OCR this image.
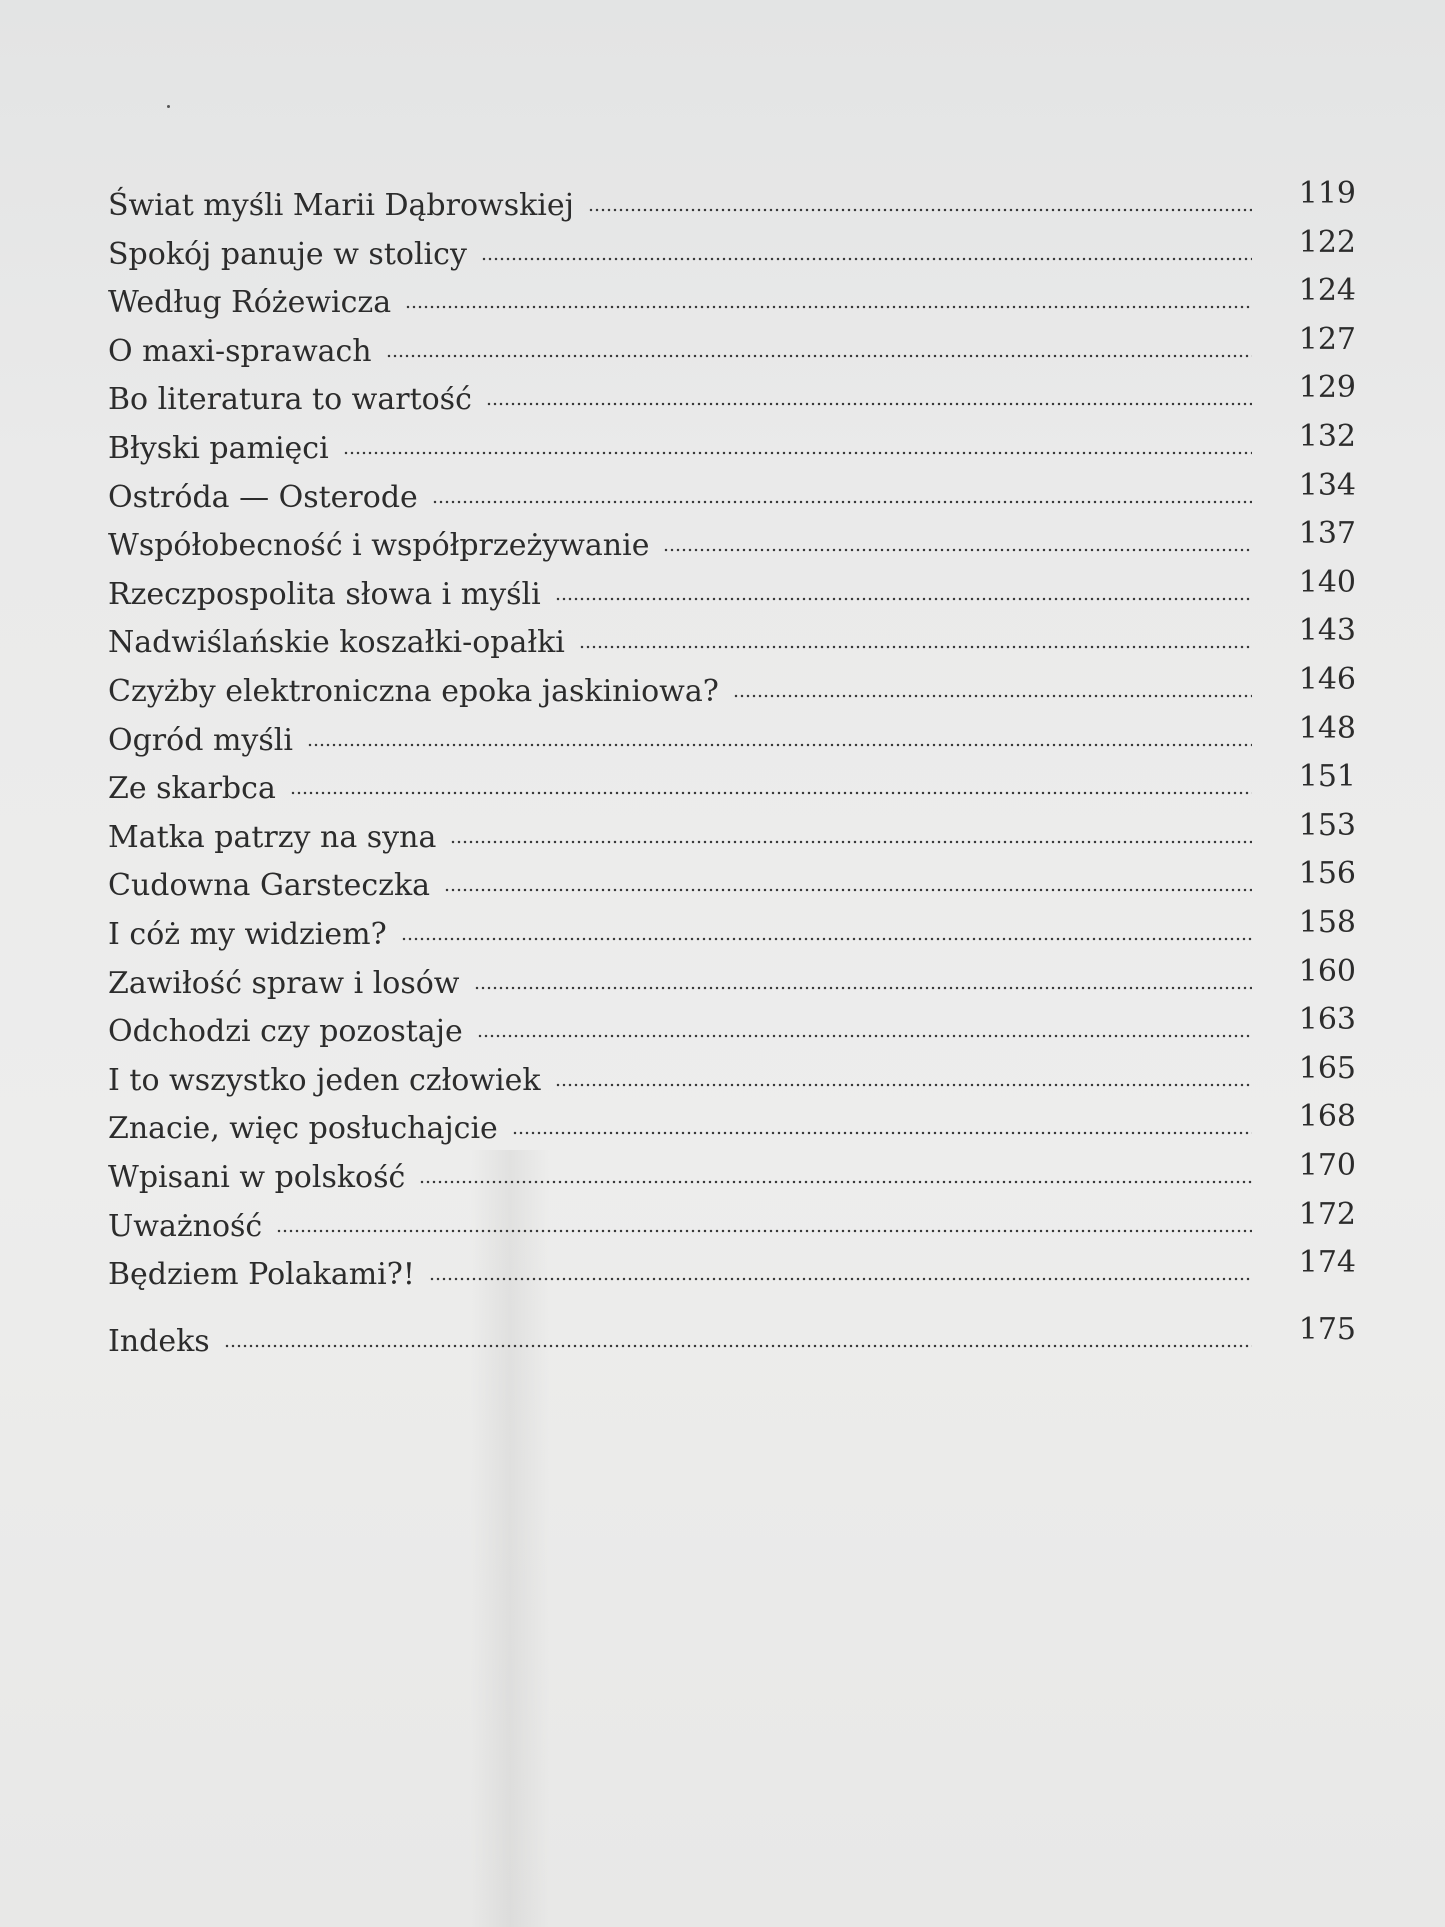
Świat myśli Marii Dąbrowskiej	119
Spokój panuje w stolicy	122
Według Różewicza	124
O maxi-sprawach	127
Bo literatura to wartość	129
Błyski pamięci	132
Ostróda — Osterode	134
Współobecność i współprzeżywanie	137
Rzeczpospolita słowa i myśli	140
Nadwiślańskie koszałki-opałki	143
Czyżby elektroniczna epoka jaskiniowa?	146
Ogród myśli	148
Ze skarbca	151
Matka patrzy na syna	153
Cudowna Garsteczka	156
I cóż my widziem?	158
Zawiłość spraw i losów	160
Odchodzi czy pozostaje	163
I to wszystko jeden człowiek	165
Znacie, więc posłuchajcie	168
Wpisani w polskość	170
Uważność	172
Będziem Polakami?!	174
Indeks	175
